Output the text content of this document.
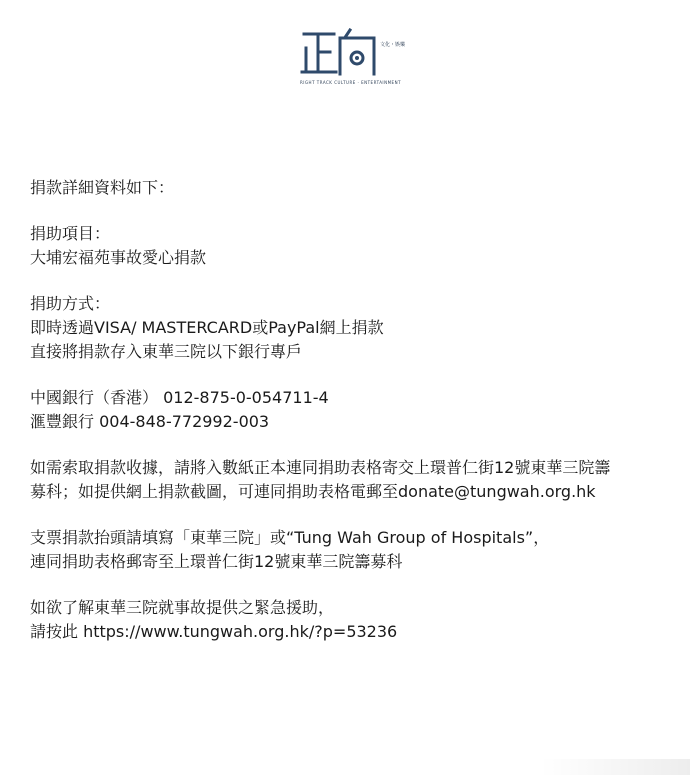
文化・娛樂
RIGHT TRACK CULTURE · ENTERTAINMENT
捐款詳細資料如下：
捐助項目：
大埔宏福苑事故愛心捐款
捐助方式：
即時透過VISA/ MASTERCARD或PayPal網上捐款
直接將捐款存入東華三院以下銀行專戶
中國銀行（香港） 012-875-0-054711-4
滙豐銀行 004-848-772992-003
如需索取捐款收據，請將入數紙正本連同捐助表格寄交上環普仁街12號東華三院籌
募科；如提供網上捐款截圖，可連同捐助表格電郵至donate@tungwah.org.hk
支票捐款抬頭請填寫「東華三院」或“Tung Wah Group of Hospitals”，
連同捐助表格郵寄至上環普仁街12號東華三院籌募科
如欲了解東華三院就事故提供之緊急援助，
請按此 https://www.tungwah.org.hk/?p=53236
